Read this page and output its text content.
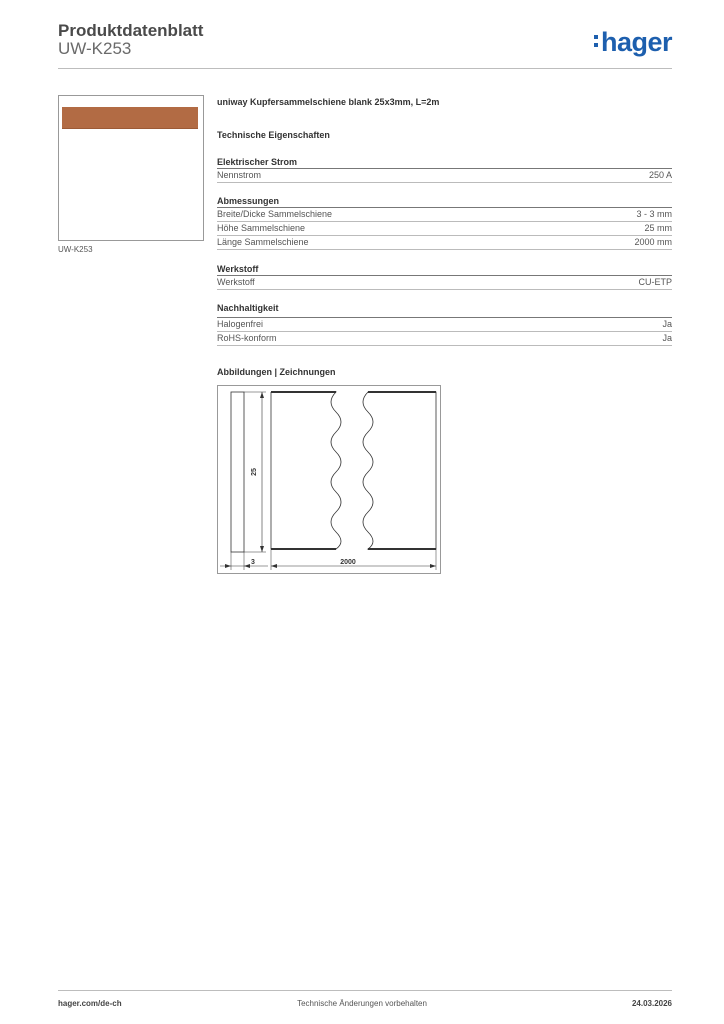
Produktdatenblatt
UW-K253	hager
UW-K253
uniway Kupfersammelschiene blank 25x3mm, L=2m
Technische Eigenschaften
Elektrischer Strom
Nennstrom	250 A
Abmessungen
Breite/Dicke Sammelschiene	3 - 3 mm
Höhe Sammelschiene	25 mm
Länge Sammelschiene	2000 mm
Werkstoff
Werkstoff	CU-ETP
Nachhaltigkeit
Halogenfrei	Ja
RoHS-konform	Ja
Abbildungen | Zeichnungen
25
3	2000
hager.com/de-ch	Technische Änderungen vorbehalten	24.03.2026
